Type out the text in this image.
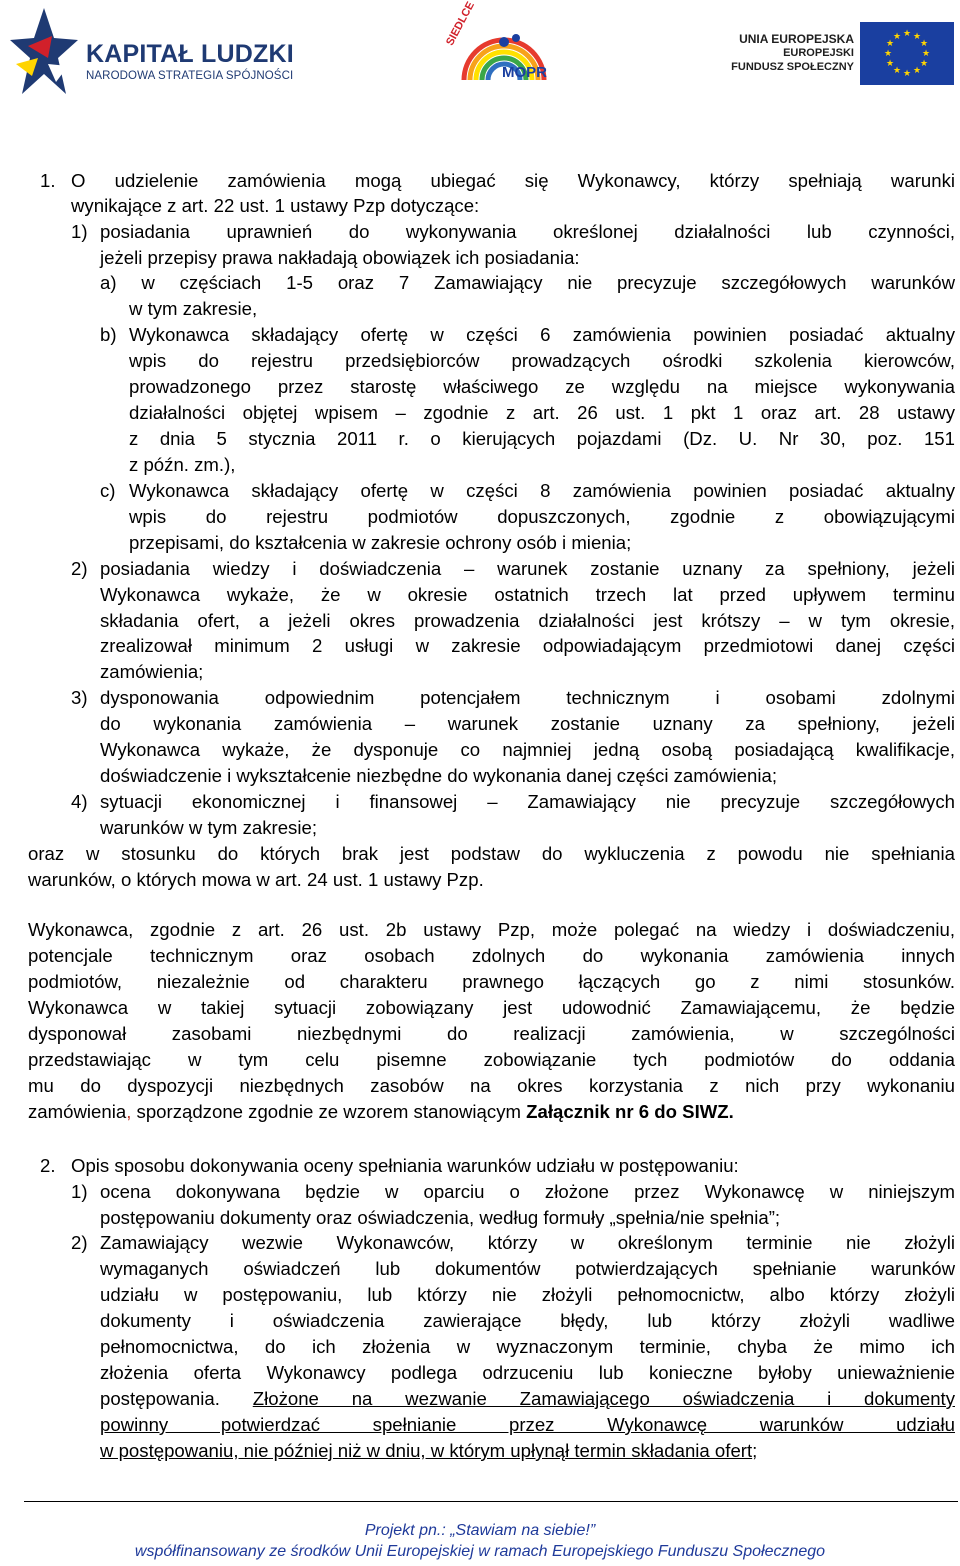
KAPITAŁ LUDZKI
NARODOWA STRATEGIA SPÓJNOŚCI
SIEDLCE
MOPR
UNIA EUROPEJSKA
EUROPEJSKI
FUNDUSZ SPOŁECZNY
★ ★
★
★
★
★
★
★
★
★
★
★
1. O udzielenie zamówienia mogą ubiegać się Wykonawcy, którzy spełniają warunki
wynikające z art. 22 ust. 1 ustawy Pzp dotyczące:
1) posiadania uprawnień do wykonywania określonej działalności lub czynności,
jeżeli przepisy prawa nakładają obowiązek ich posiadania:
a) w częściach 1-5 oraz 7 Zamawiający nie precyzuje szczegółowych warunków
w tym zakresie,
b) Wykonawca składający ofertę w części 6 zamówienia powinien posiadać aktualny
wpis do rejestru przedsiębiorców prowadzących ośrodki szkolenia kierowców,
prowadzonego przez starostę właściwego ze względu na miejsce wykonywania
działalności objętej wpisem – zgodnie z art. 26 ust. 1 pkt 1 oraz art. 28 ustawy
z dnia 5 stycznia 2011 r. o kierujących pojazdami (Dz. U. Nr 30, poz. 151
z późn. zm.),
c) Wykonawca składający ofertę w części 8 zamówienia powinien posiadać aktualny
wpis do rejestru podmiotów dopuszczonych, zgodnie z obowiązującymi
przepisami, do kształcenia w zakresie ochrony osób i mienia;
2) posiadania wiedzy i doświadczenia – warunek zostanie uznany za spełniony, jeżeli
Wykonawca wykaże, że w okresie ostatnich trzech lat przed upływem terminu
składania ofert, a jeżeli okres prowadzenia działalności jest krótszy – w tym okresie,
zrealizował minimum 2 usługi w zakresie odpowiadającym przedmiotowi danej części
zamówienia;
3) dysponowania odpowiednim potencjałem technicznym i osobami zdolnymi
do wykonania zamówienia – warunek zostanie uznany za spełniony, jeżeli
Wykonawca wykaże, że dysponuje co najmniej jedną osobą posiadającą kwalifikacje,
doświadczenie i wykształcenie niezbędne do wykonania danej części zamówienia;
4) sytuacji ekonomicznej i finansowej – Zamawiający nie precyzuje szczegółowych
warunków w tym zakresie;
oraz w stosunku do których brak jest podstaw do wykluczenia z powodu nie spełniania
warunków, o których mowa w art. 24 ust. 1 ustawy Pzp.
Wykonawca, zgodnie z art. 26 ust. 2b ustawy Pzp, może polegać na wiedzy i doświadczeniu,
potencjale technicznym oraz osobach zdolnych do wykonania zamówienia innych
podmiotów, niezależnie od charakteru prawnego łączących go z nimi stosunków.
Wykonawca w takiej sytuacji zobowiązany jest udowodnić Zamawiającemu, że będzie
dysponował zasobami niezbędnymi do realizacji zamówienia, w szczególności
przedstawiając w tym celu pisemne zobowiązanie tych podmiotów do oddania
mu do dyspozycji niezbędnych zasobów na okres korzystania z nich przy wykonaniu
zamówienia, sporządzone zgodnie ze wzorem stanowiącym Załącznik nr 6 do SIWZ.
2. Opis sposobu dokonywania oceny spełniania warunków udziału w postępowaniu:
1) ocena dokonywana będzie w oparciu o złożone przez Wykonawcę w niniejszym
postępowaniu dokumenty oraz oświadczenia, według formuły „spełnia/nie spełnia”;
2) Zamawiający wezwie Wykonawców, którzy w określonym terminie nie złożyli
wymaganych oświadczeń lub dokumentów potwierdzających spełnianie warunków
udziału w postępowaniu, lub którzy nie złożyli pełnomocnictw, albo którzy złożyli
dokumenty i oświadczenia zawierające błędy, lub którzy złożyli wadliwe
pełnomocnictwa, do ich złożenia w wyznaczonym terminie, chyba że mimo ich
złożenia oferta Wykonawcy podlega odrzuceniu lub konieczne byłoby unieważnienie
postępowania. Złożone na wezwanie Zamawiającego oświadczenia i dokumenty
powinny potwierdzać spełnianie przez Wykonawcę warunków udziału
w postępowaniu, nie później niż w dniu, w którym upłynął termin składania ofert;
Projekt pn.: „Stawiam na siebie!”
współfinansowany ze środków Unii Europejskiej w ramach Europejskiego Funduszu Społecznego
